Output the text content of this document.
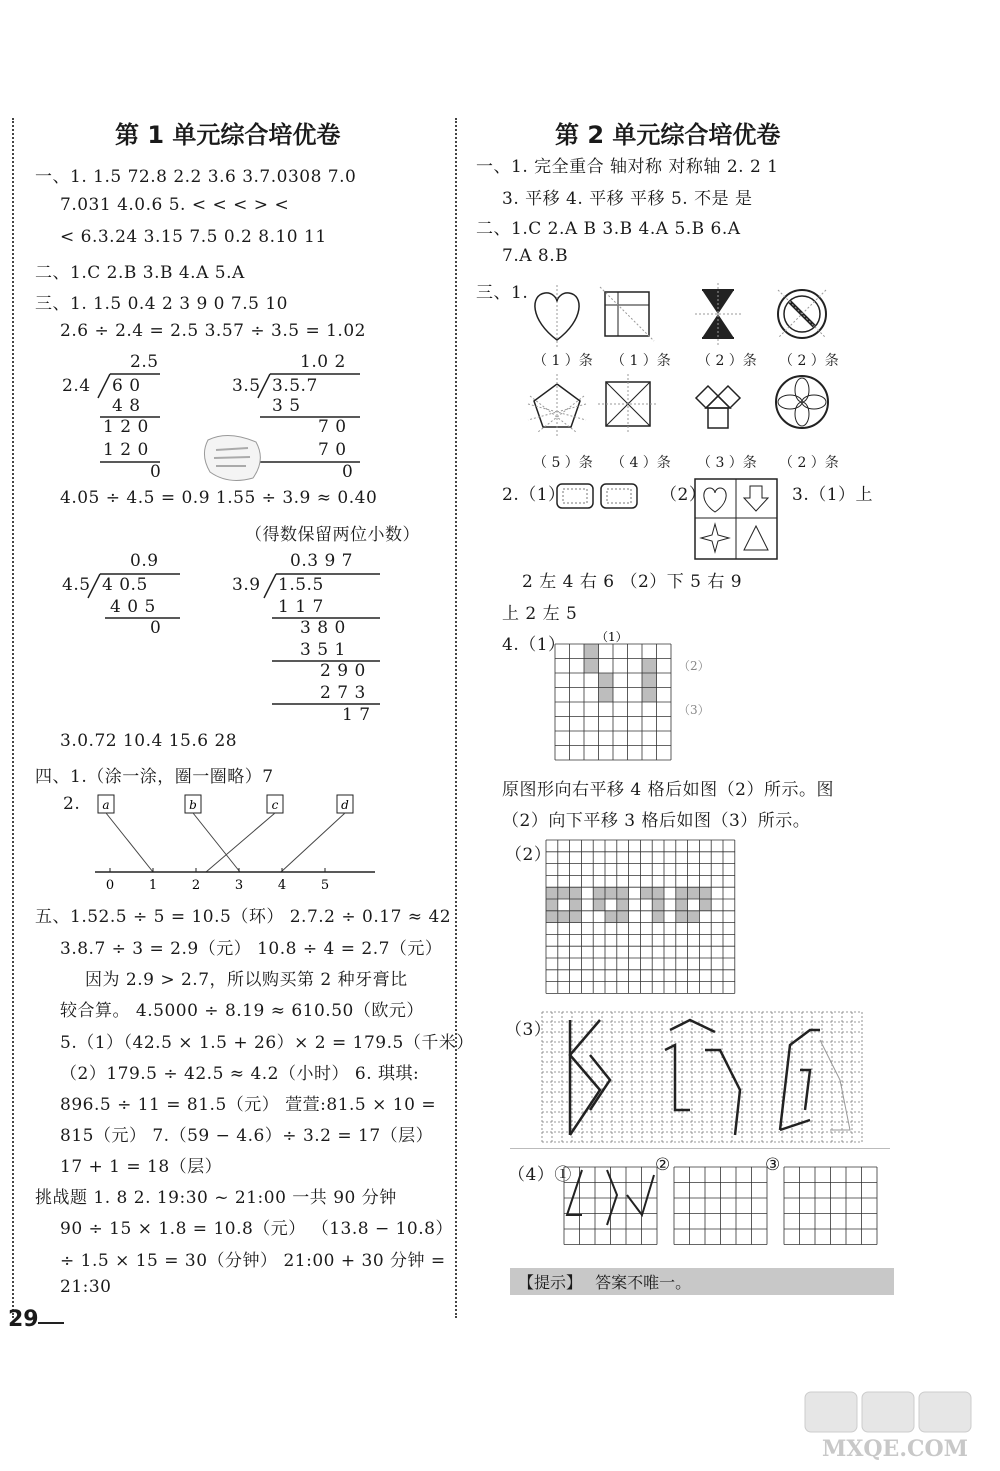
第 1 单元综合培优卷
一、1. 1.5 72.8 2.2 3.6 3.7.0308 7.0
7.031 4.0.6 5. < < < > <
< 6.3.24 3.15 7.5 0.2 8.10 11
二、1.C 2.B 3.B 4.A 5.A
三、1. 1.5 0.4 2 3 9 0 7.5 10
2.6 ÷ 2.4 = 2.5 3.57 ÷ 3.5 = 1.02
2.5
2.4 6 0
4 8
1 2 0
1 2 0
0
1.0 2
3.5 3.5.7
3 5
7 0
7 0
0
4.05 ÷ 4.5 = 0.9 1.55 ÷ 3.9 ≈ 0.40
（得数保留两位小数）
0.9
4.5 4 0.5
4 0 5
0
0.3 9 7
3.9 1.5.5
1 1 7
3 8 0
3 5 1
2 9 0
2 7 3
1 7
3.0.72 10.4 15.6 28
四、1.（涂一涂，圈一圈略）7
2. a	b	c	d
0	1	2	3	4	5
五、1.52.5 ÷ 5 = 10.5（环） 2.7.2 ÷ 0.17 ≈ 42
3.8.7 ÷ 3 = 2.9（元） 10.8 ÷ 4 = 2.7（元）
因为 2.9 > 2.7，所以购买第 2 种牙膏比
较合算。 4.5000 ÷ 8.19 ≈ 610.50（欧元）
5.（1）（42.5 × 1.5 + 26）× 2 = 179.5（千米）
（2）179.5 ÷ 42.5 ≈ 4.2（小时） 6. 琪琪:
896.5 ÷ 11 = 81.5（元） 萱萱:81.5 × 10 =
815（元） 7.（59 − 4.6）÷ 3.2 = 17（层）
17 + 1 = 18（层）
挑战题 1. 8 2. 19:30 ~ 21:00 一共 90 分钟
90 ÷ 15 × 1.8 = 10.8（元） （13.8 − 10.8）
÷ 1.5 × 15 = 30（分钟） 21:00 + 30 分钟 =
21:30
29
第 2 单元综合培优卷
一、1. 完全重合 轴对称 对称轴 2. 2 1
3. 平移 4. 平移 平移 5. 不是 是
二、1.C 2.A B 3.B 4.A 5.B 6.A
7.A 8.B
三、1.
（ 1 ）条 （ 1 ）条 （ 2 ）条 （ 2 ）条
（ 5 ）条 （ 4 ）条 （ 3 ）条 （ 2 ）条
2.（1）	（2）	3.（1）上
2 左 4 右 6 （2）下 5 右 9
上 2 左 5
4.（1）	（1）
（2）
（3）
原图形向右平移 4 格后如图（2）所示。图
（2）向下平移 3 格后如图（3）所示。
（2）
（3）
（4）①	②	③
【提示】 答案不唯一。
MXQE.COM
